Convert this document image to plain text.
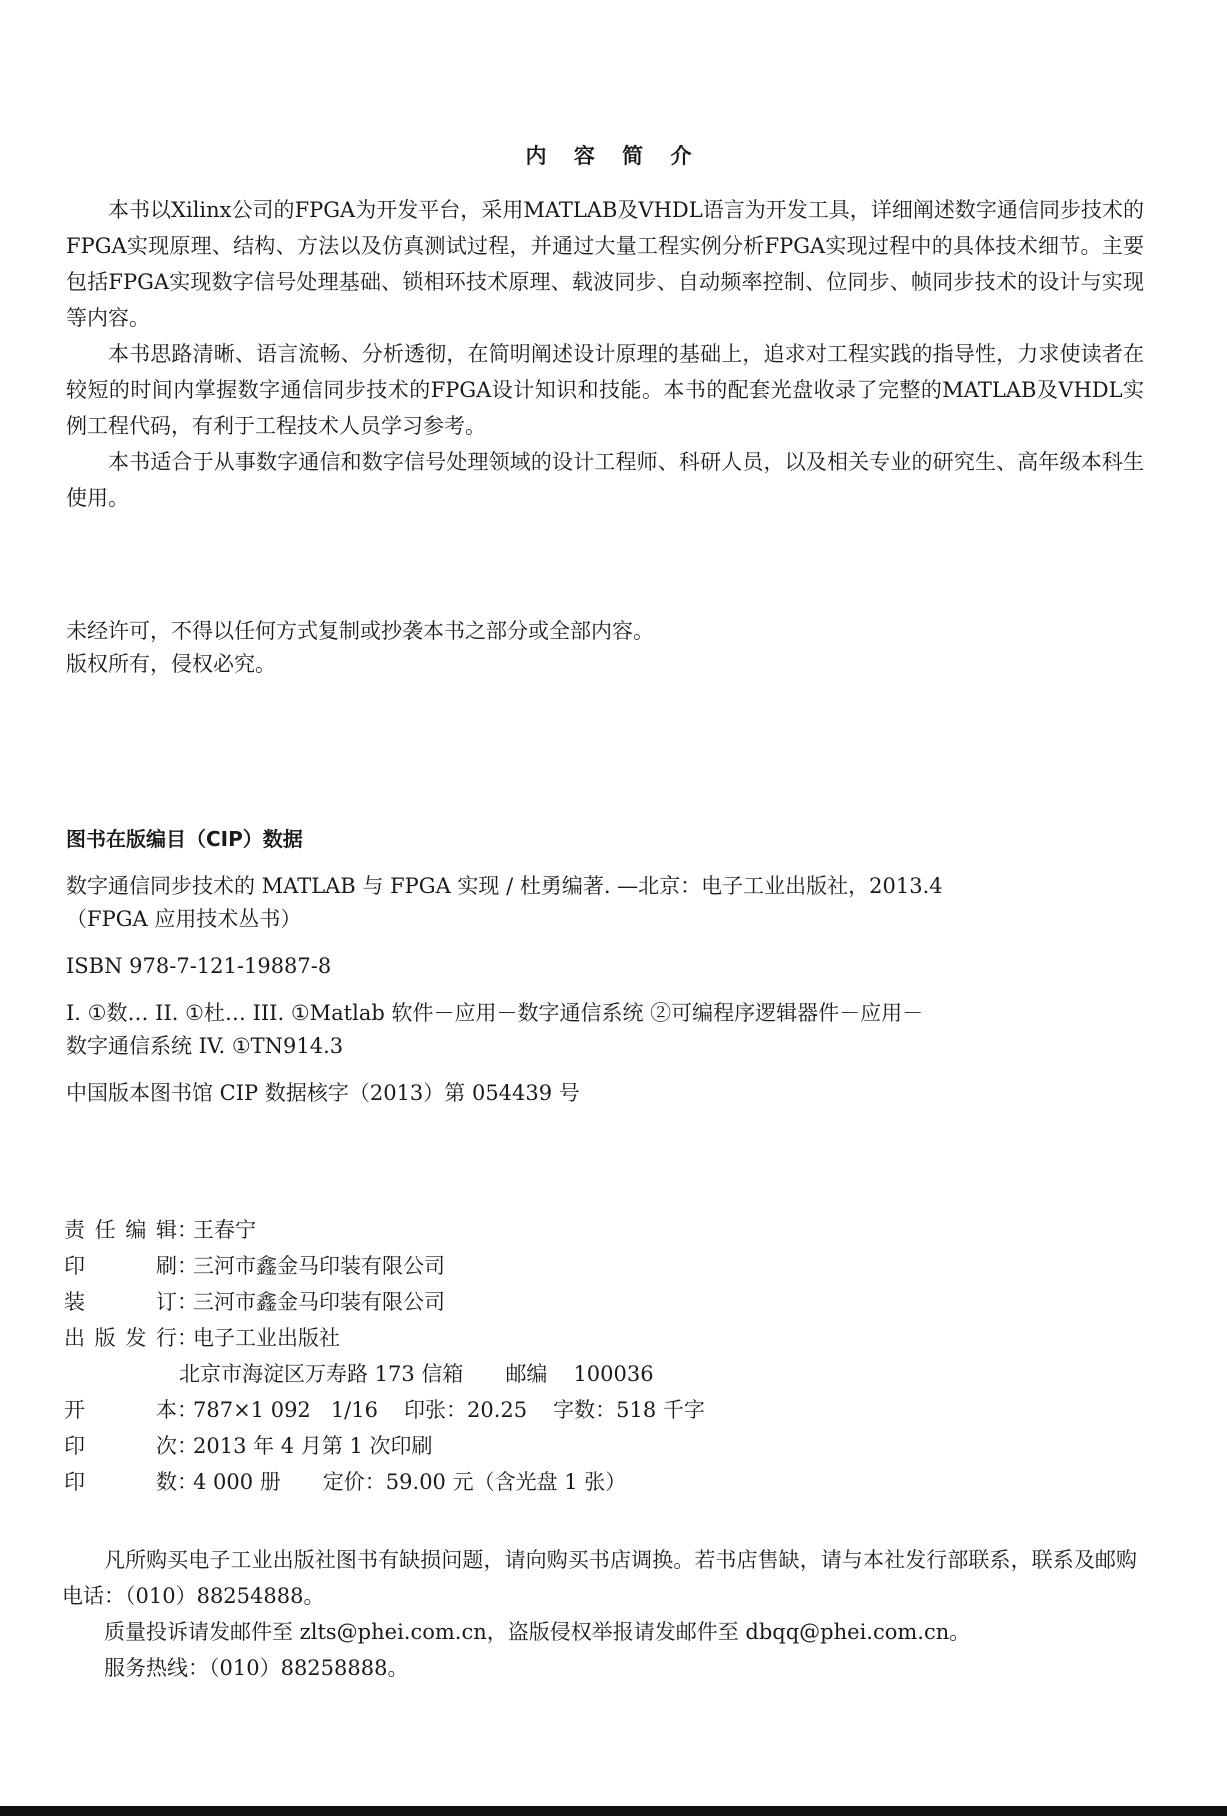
内 容 简 介

本书以Xilinx公司的FPGA为开发平台，采用MATLAB及VHDL语言为开发工具，详细阐述数字通信同步技术的FPGA实现原理、结构、方法以及仿真测试过程，并通过大量工程实例分析FPGA实现过程中的具体技术细节。主要包括FPGA实现数字信号处理基础、锁相环技术原理、载波同步、自动频率控制、位同步、帧同步技术的设计与实现等内容。

本书思路清晰、语言流畅、分析透彻，在简明阐述设计原理的基础上，追求对工程实践的指导性，力求使读者在较短的时间内掌握数字通信同步技术的FPGA设计知识和技能。本书的配套光盘收录了完整的MATLAB及VHDL实例工程代码，有利于工程技术人员学习参考。

本书适合于从事数字通信和数字信号处理领域的设计工程师、科研人员，以及相关专业的研究生、高年级本科生使用。

未经许可，不得以任何方式复制或抄袭本书之部分或全部内容。
版权所有，侵权必究。
图书在版编目（CIP）数据
数字通信同步技术的 MATLAB 与 FPGA 实现 / 杜勇编著. —北京：电子工业出版社，2013.4
（FPGA 应用技术丛书）
ISBN 978-7-121-19887-8
I. ①数… II. ①杜… III. ①Matlab 软件－应用－数字通信系统 ②可编程序逻辑器件－应用－
数字通信系统 IV. ①TN914.3
中国版本图书馆 CIP 数据核字（2013）第 054439 号
责任编辑 ：
王春宁
印刷 ：
三河市鑫金马印装有限公司
装订 ：
三河市鑫金马印装有限公司
出版发行 ：
电子工业出版社
北京市海淀区万寿路 173 信箱 邮编 100036
开本 ：
787×1 092   1/16 印张 ： 20.25 字数 ： 518 千字
印次 ：
2013 年 4 月第 1 次印刷
印数 ：
4 000 册 定价 ： 59.00 元（含光盘 1 张）

凡所购买电子工业出版社图书有缺损问题，请向购买书店调换。若书店售缺，请与本社发行部联系，联系及邮购电话：（010）88254888。

质量投诉请发邮件至 zlts@phei.com.cn，盗版侵权举报请发邮件至 dbqq@phei.com.cn。

服务热线：（010）88258888。
